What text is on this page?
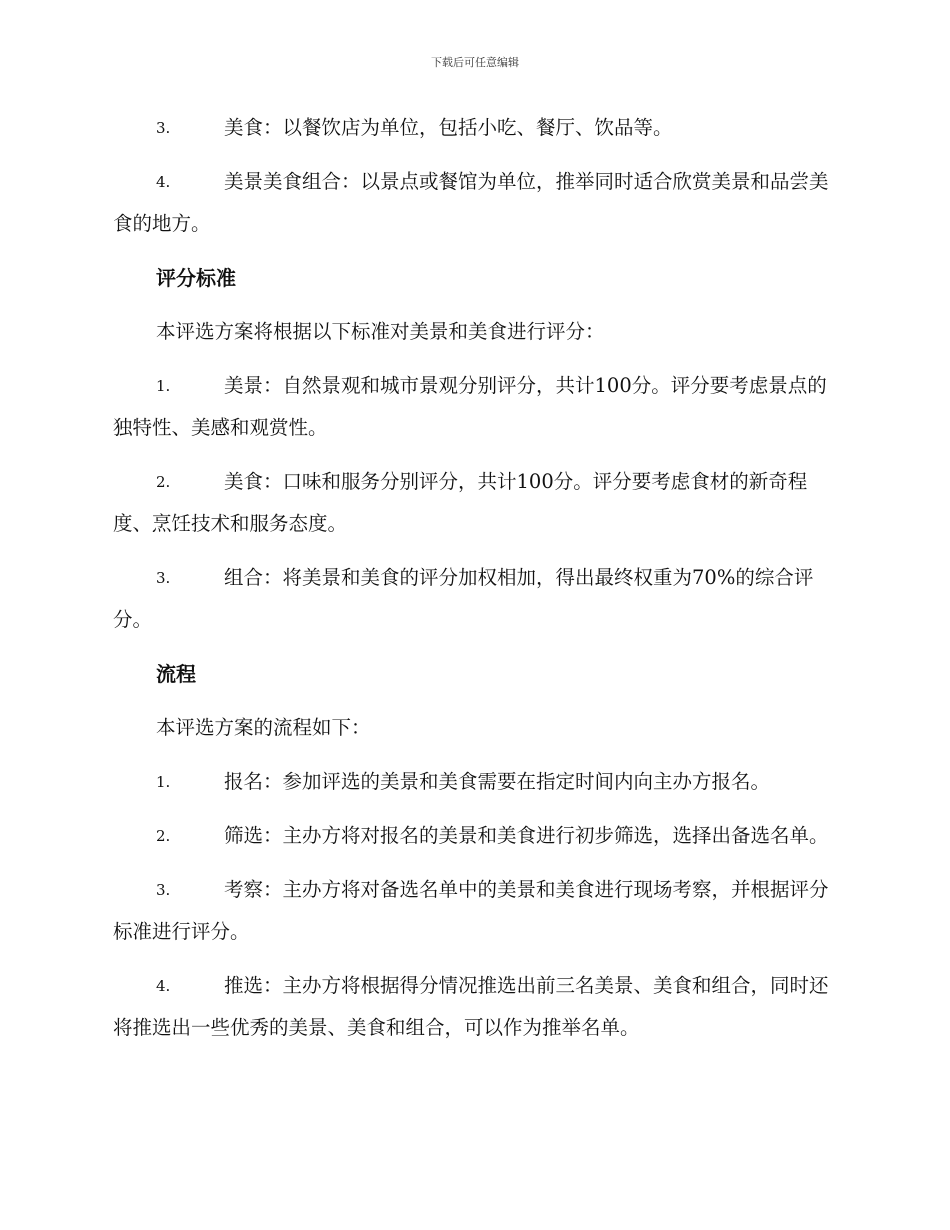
下载后可任意编辑
3.	美食：以餐饮店为单位，包括小吃、餐厅、饮品等。
4.	美景美食组合：以景点或餐馆为单位，推举同时适合欣赏美景和品尝美食的地方。
评分标准
本评选方案将根据以下标准对美景和美食进行评分：
1.	美景：自然景观和城市景观分别评分，共计100分。评分要考虑景点的独特性、美感和观赏性。
2.	美食：口味和服务分别评分，共计100分。评分要考虑食材的新奇程度、烹饪技术和服务态度。
3.	组合：将美景和美食的评分加权相加，得出最终权重为70%的综合评分。
流程
本评选方案的流程如下：
1.	报名：参加评选的美景和美食需要在指定时间内向主办方报名。
2.	筛选：主办方将对报名的美景和美食进行初步筛选，选择出备选名单。
3.	考察：主办方将对备选名单中的美景和美食进行现场考察，并根据评分标准进行评分。
4.	推选：主办方将根据得分情况推选出前三名美景、美食和组合，同时还将推选出一些优秀的美景、美食和组合，可以作为推举名单。
